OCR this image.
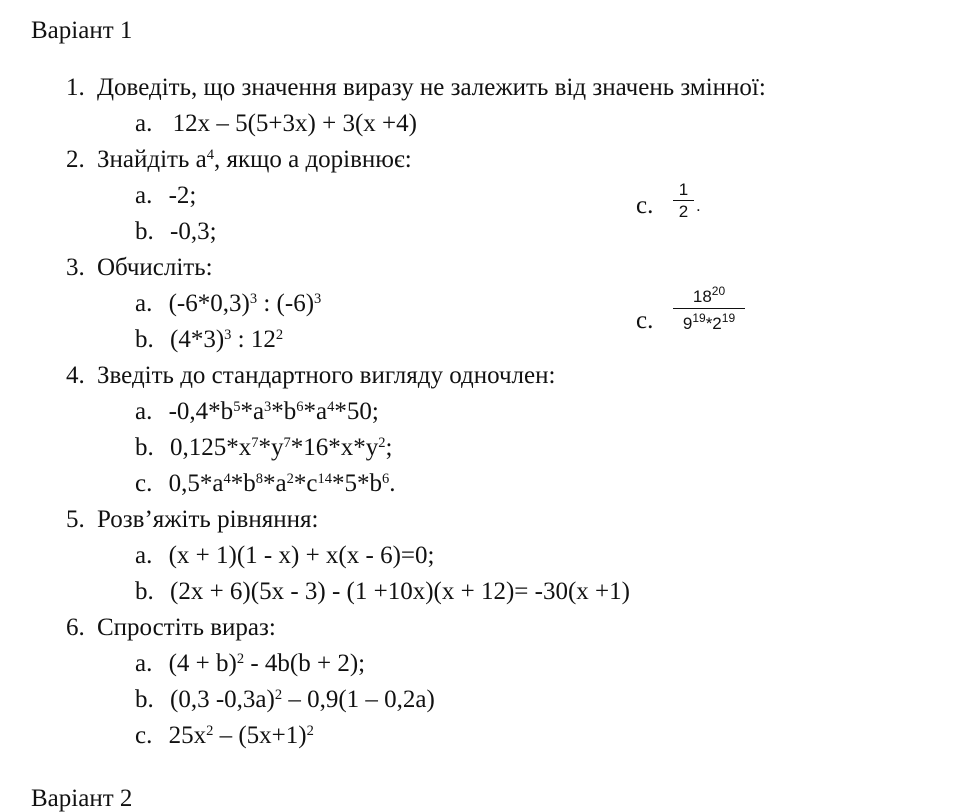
Варіант 1
1. Доведіть, що значення виразу не залежить від значень змінної:
a. 12x – 5(5+3x) + 3(x +4)
2. Знайдіть $a^4$, якщо a дорівнює:
a. -2;
b. -0,3;
c.
1
2 .
3. Обчисліть:
a. $(-6*0,3)^3$ : $(-6)^3$
b. $(4*3)^3$ : $12^2$
c.
$18^{20}$
$9^{19}*2^{19}$
4. Зведіть до стандартного вигляду одночлен:
a. $-0,4*b^5*a^3*b^6*a^4*50$;
b. $0,125*x^7*y^7*16*x*y^2$;
c. $0,5*a^4*b^8*a^2*c^{14}*5*b^6$.
5. Розв’яжіть рівняння:
a. (x + 1)(1 - x) + x(x - 6)=0;
b. (2x + 6)(5x - 3) - (1 +10x)(x + 12)= -30(x +1)
6. Спростіть вираз:
a. $(4 + b)^2 - 4b(b + 2)$;
b. (0,3 -0,3a)$^2$ – 0,9(1 – 0,2a)
c. $25x^2 - (5x+1)^2$
Варіант 2
